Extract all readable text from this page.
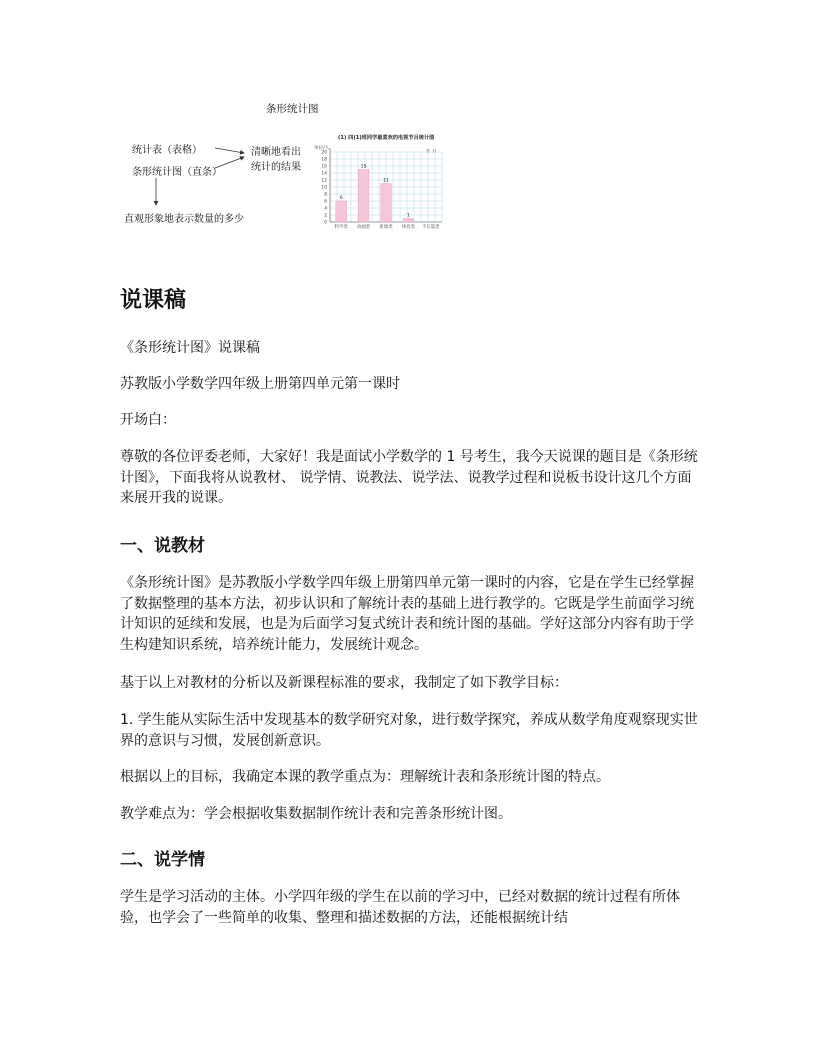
条形统计图
统计表（表格）
条形统计图（直条）
清晰地看出
统计的结果
直观形象地表示数量的多少
(1) 四(1)班同学最喜欢的电视节目统计图
单位/人
年 月
0
2
4
6
8
10
12
14
16
18
20
科学类 动画类 新闻类 体育类 不长篇类
6
15
11
1
说课稿

《条形统计图》说课稿

苏教版小学数学四年级上册第四单元第一课时

开场白：

尊敬的各位评委老师，大家好！我是面试小学数学的 1 号考生，我今天说课的题目是《条形统计图》，下面我将从说教材、 说学情、说教法、说学法、说教学过程和说板书设计这几个方面来展开我的说课。

一、说教材

《条形统计图》是苏教版小学数学四年级上册第四单元第一课时的内容，它是在学生已经掌握了数据整理的基本方法，初步认识和了解统计表的基础上进行教学的。它既是学生前面学习统计知识的延续和发展，也是为后面学习复式统计表和统计图的基础。学好这部分内容有助于学生构建知识系统，培养统计能力，发展统计观念。

基于以上对教材的分析以及新课程标准的要求，我制定了如下教学目标：

1. 学生能从实际生活中发现基本的数学研究对象，进行数学探究，养成从数学角度观察现实世界的意识与习惯，发展创新意识。

根据以上的目标，我确定本课的教学重点为：理解统计表和条形统计图的特点。

教学难点为：学会根据收集数据制作统计表和完善条形统计图。

二、说学情

学生是学习活动的主体。小学四年级的学生在以前的学习中，已经对数据的统计过程有所体验，也学会了一些简单的收集、整理和描述数据的方法，还能根据统计结
